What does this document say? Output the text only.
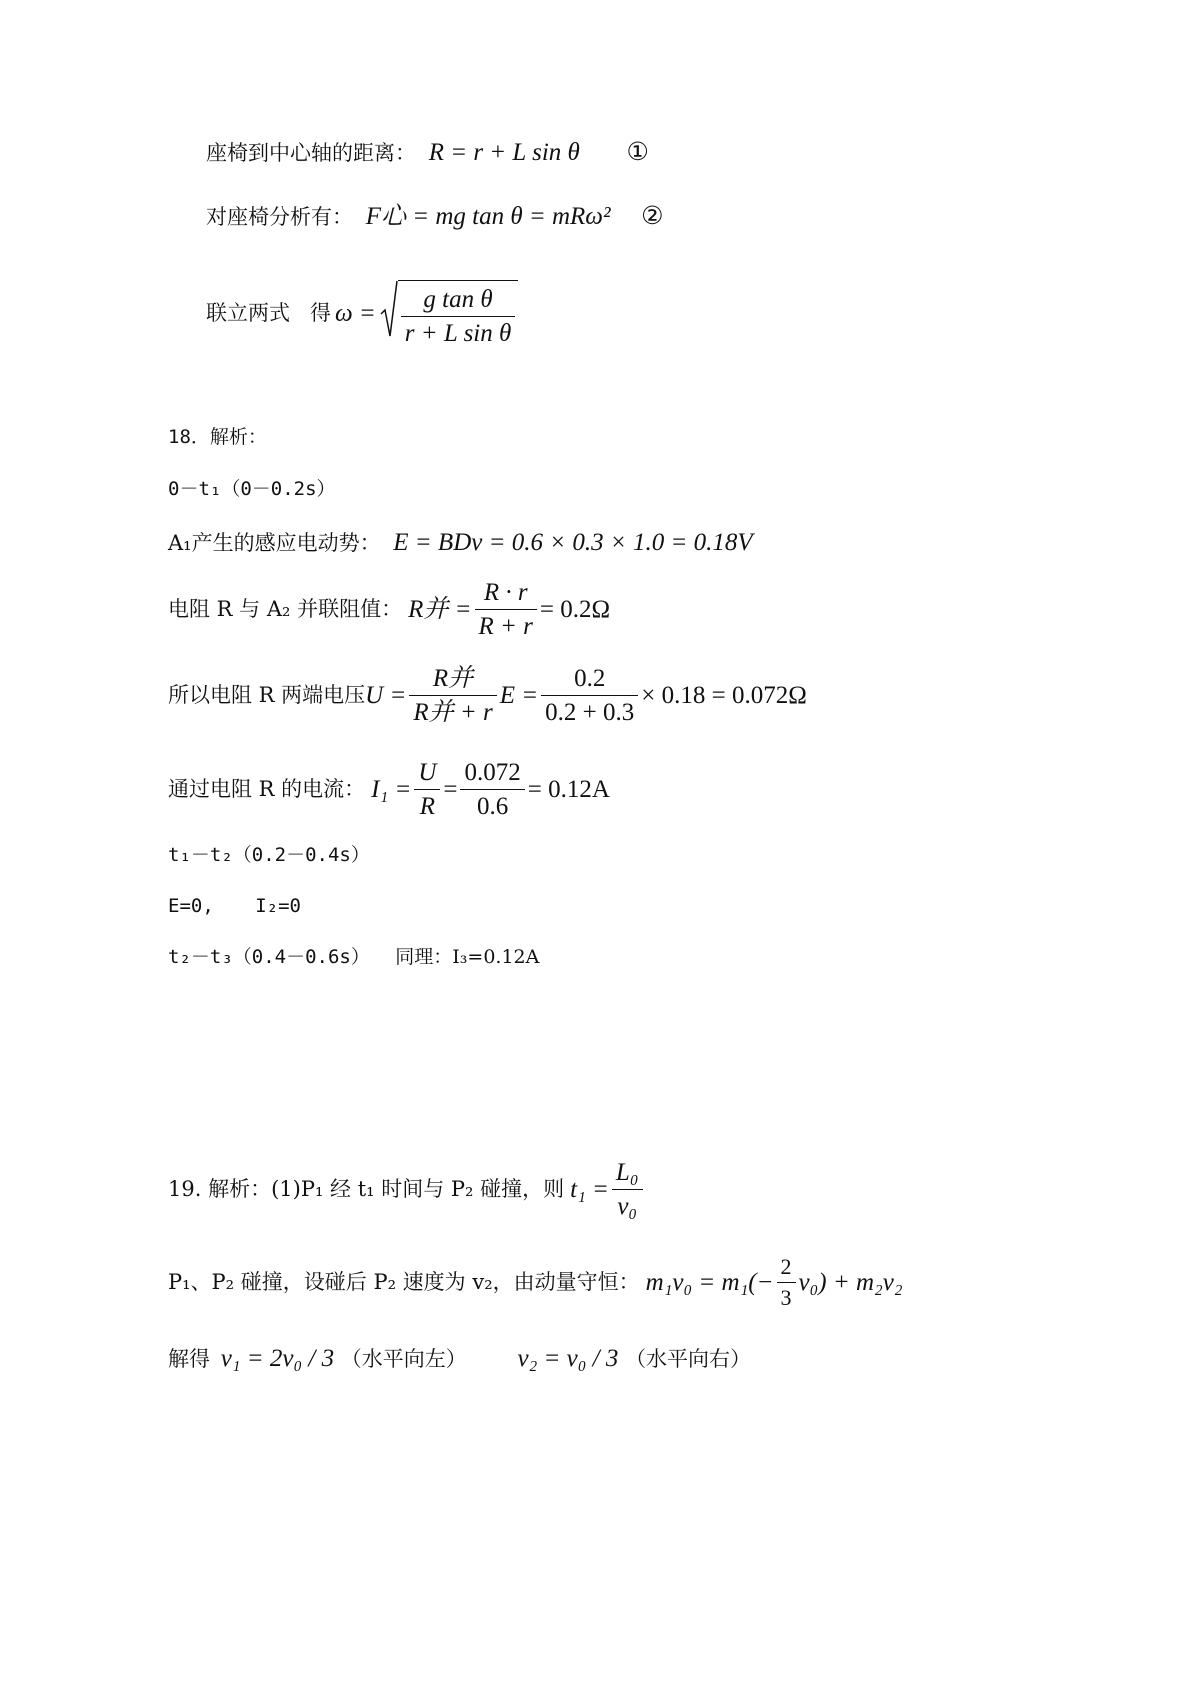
座椅到中心轴的距离： R = r + L sin θ ①
对座椅分析有： F心 = mg tan θ = mRω² ②
联立两式 得 $\omega = \frac{\text{g tan θ}}{\text{r + L sin θ}}$
18．解析：
0－t₁（0－0.2s）
A₁产生的感应电动势： E = BDv = 0.6 × 0.3 × 1.0 = 0.18V
电阻 R 与 A₂ 并联阻值： R并 = $\frac{R \cdot r}{R + r} = 0.2\Omega$
所以电阻 R 两端电压 $U = \frac{\text{R并}}{\text{R并 + r}}$ $E = \frac{0.2}{0.2 + 0.3} \times 0.18 = 0.072\Omega$
通过电阻 R 的电流： $I_1 = \frac{U}{R} = \frac{0.072}{0.6} = 0.12A$
t₁－t₂（0.2－0.4s）
E=0, I₂=0
t₂－t₃（0.4－0.6s） 同理：I₃=0.12A
19. 解析：(1)P₁ 经 t₁ 时间与 P₂ 碰撞，则 $t_1 = \frac{\text{L₀}}{\text{v₀}}$
P₁、P₂ 碰撞，设碰后 P₂ 速度为 v₂，由动量守恒： $m_1v_0 = m_1(- \frac{2}{3} v_0) + m_2v_2$
解得 v₁ = 2v₀ / 3 （水平向左） v₂ = v₀ / 3 （水平向右）
